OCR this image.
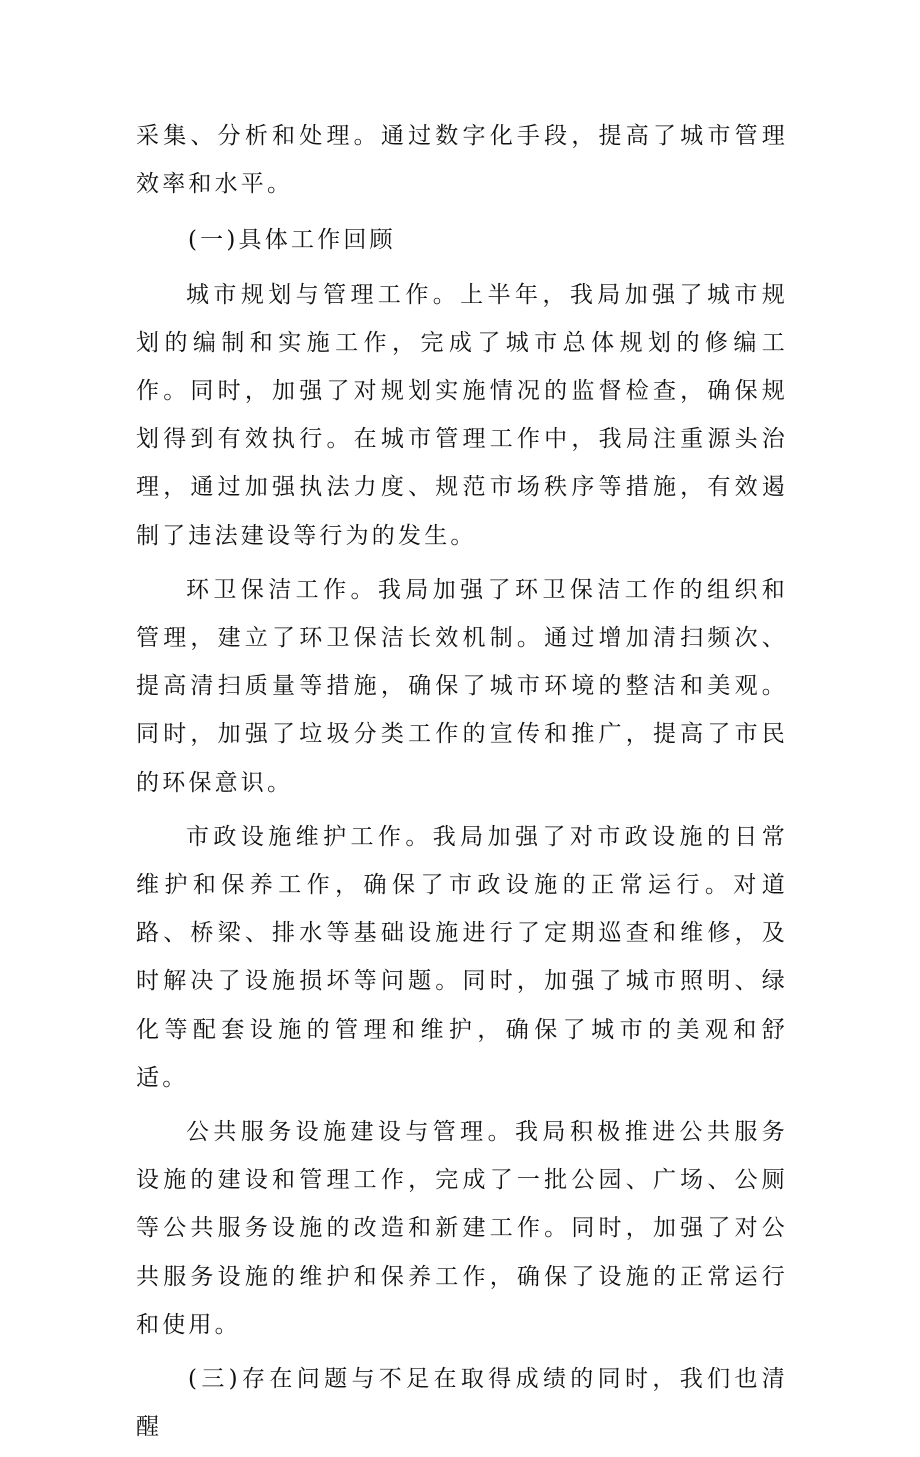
采集、分析和处理。通过数字化手段，提高了城市管理效率和水平。

(一)具体工作回顾

城市规划与管理工作。上半年，我局加强了城市规划的编制和实施工作，完成了城市总体规划的修编工作。同时，加强了对规划实施情况的监督检查，确保规划得到有效执行。在城市管理工作中，我局注重源头治理，通过加强执法力度、规范市场秩序等措施，有效遏制了违法建设等行为的发生。

环卫保洁工作。我局加强了环卫保洁工作的组织和管理，建立了环卫保洁长效机制。通过增加清扫频次、提高清扫质量等措施，确保了城市环境的整洁和美观。同时，加强了垃圾分类工作的宣传和推广，提高了市民的环保意识。

市政设施维护工作。我局加强了对市政设施的日常维护和保养工作，确保了市政设施的正常运行。对道路、桥梁、排水等基础设施进行了定期巡查和维修，及时解决了设施损坏等问题。同时，加强了城市照明、绿化等配套设施的管理和维护，确保了城市的美观和舒适。

公共服务设施建设与管理。我局积极推进公共服务设施的建设和管理工作，完成了一批公园、广场、公厕等公共服务设施的改造和新建工作。同时，加强了对公共服务设施的维护和保养工作，确保了设施的正常运行和使用。

(三)存在问题与不足在取得成绩的同时，我们也清醒
